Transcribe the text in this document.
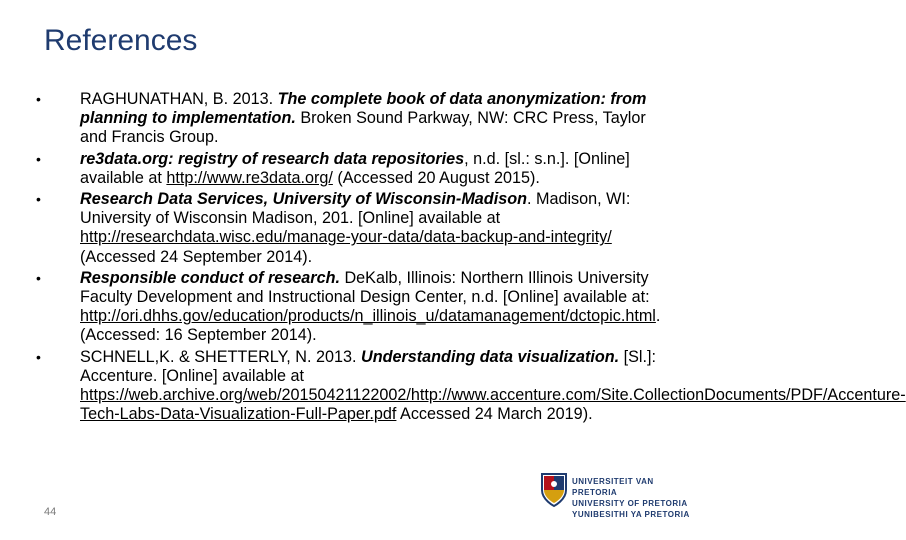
References
•	RAGHUNATHAN, B. 2013. The complete book of data anonymization: from planning to implementation. Broken Sound Parkway, NW: CRC Press, Taylor and Francis Group.
•	re3data.org: registry of research data repositories, n.d. [sl.: s.n.]. [Online] available at http://www.re3data.org/ (Accessed 20 August 2015).
•	Research Data Services, University of Wisconsin-Madison. Madison, WI: University of Wisconsin Madison, 201. [Online] available at http://researchdata.wisc.edu/manage-your-data/data-backup-and-integrity/ (Accessed 24 September 2014).
•	Responsible conduct of research. DeKalb, Illinois: Northern Illinois University Faculty Development and Instructional Design Center, n.d. [Online] available at: http://ori.dhhs.gov/education/products/n_illinois_u/datamanagement/dctopic.html. (Accessed: 16 September 2014).
•	SCHNELL,K. & SHETTERLY, N. 2013. Understanding data visualization. [Sl.]: Accenture. [Online] available at https://web.archive.org/web/20150421122002/http://www.accenture.com/Site.CollectionDocuments/PDF/Accenture-Tech-Labs-Data-Visualization-Full-Paper.pdf Accessed 24 March 2019).
44
UNIVERSITEIT VAN PRETORIA
UNIVERSITY OF PRETORIA
YUNIBESITHI YA PRETORIA
